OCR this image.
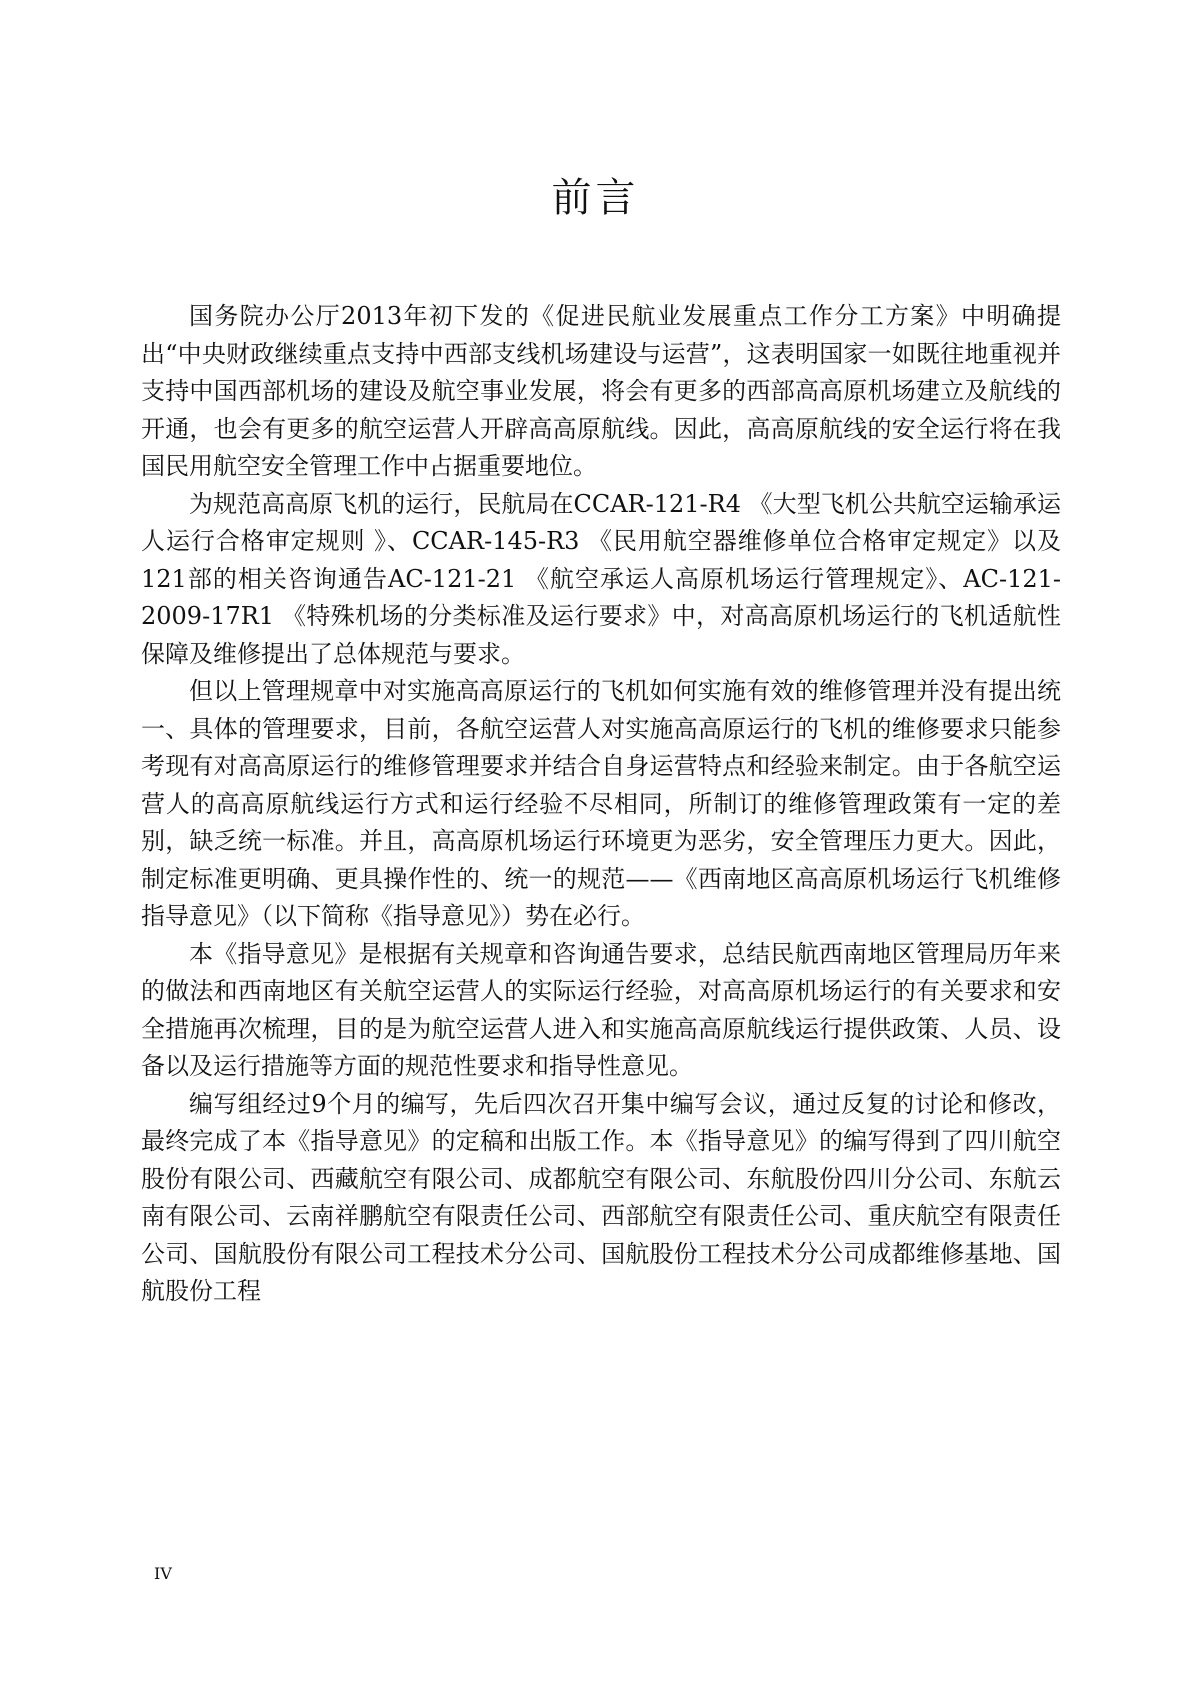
前言

国务院办公厅2013年初下发的《促进民航业发展重点工作分工方案》中明确提出“中央财政继续重点支持中西部支线机场建设与运营”，这表明国家一如既往地重视并支持中国西部机场的建设及航空事业发展，将会有更多的西部高高原机场建立及航线的开通，也会有更多的航空运营人开辟高高原航线。因此，高高原航线的安全运行将在我国民用航空安全管理工作中占据重要地位。

为规范高高原飞机的运行，民航局在CCAR-121-R4 《大型飞机公共航空运输承运人运行合格审定规则 》、CCAR-145-R3 《民用航空器维修单位合格审定规定》以及121部的相关咨询通告AC-121-21 《航空承运人高原机场运行管理规定》、AC-121-2009-17R1 《特殊机场的分类标准及运行要求》中，对高高原机场运行的飞机适航性保障及维修提出了总体规范与要求。

但以上管理规章中对实施高高原运行的飞机如何实施有效的维修管理并没有提出统一、具体的管理要求，目前，各航空运营人对实施高高原运行的飞机的维修要求只能参考现有对高高原运行的维修管理要求并结合自身运营特点和经验来制定。由于各航空运营人的高高原航线运行方式和运行经验不尽相同，所制订的维修管理政策有一定的差别，缺乏统一标准。并且，高高原机场运行环境更为恶劣，安全管理压力更大。因此，制定标准更明确、更具操作性的、统一的规范——《西南地区高高原机场运行飞机维修指导意见》（以下简称《指导意见》）势在必行。

本《指导意见》是根据有关规章和咨询通告要求，总结民航西南地区管理局历年来的做法和西南地区有关航空运营人的实际运行经验，对高高原机场运行的有关要求和安全措施再次梳理，目的是为航空运营人进入和实施高高原航线运行提供政策、人员、设备以及运行措施等方面的规范性要求和指导性意见。

编写组经过9个月的编写，先后四次召开集中编写会议，通过反复的讨论和修改，最终完成了本《指导意见》的定稿和出版工作。本《指导意见》的编写得到了四川航空股份有限公司、西藏航空有限公司、成都航空有限公司、东航股份四川分公司、东航云南有限公司、云南祥鹏航空有限责任公司、西部航空有限责任公司、重庆航空有限责任公司、国航股份有限公司工程技术分公司、国航股份工程技术分公司成都维修基地、国航股份工程

IV
